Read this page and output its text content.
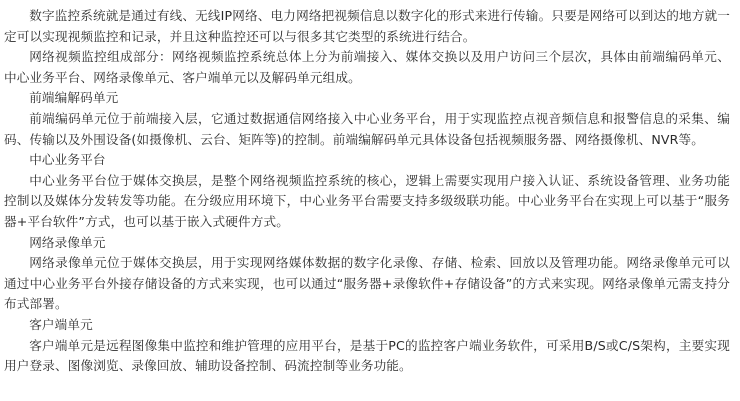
数字监控系统就是通过有线、无线IP网络、电力网络把视频信息以数字化的形式来进行传输。只要是网络可以到达的地方就一定可以实现视频监控和记录，并且这种监控还可以与很多其它类型的系统进行结合。

网络视频监控组成部分：网络视频监控系统总体上分为前端接入、媒体交换以及用户访问三个层次，具体由前端编码单元、中心业务平台、网络录像单元、客户端单元以及解码单元组成。

前端编解码单元

前端编码单元位于前端接入层，它通过数据通信网络接入中心业务平台，用于实现监控点视音频信息和报警信息的采集、编码、传输以及外围设备(如摄像机、云台、矩阵等)的控制。前端编解码单元具体设备包括视频服务器、网络摄像机、NVR等。

中心业务平台

中心业务平台位于媒体交换层，是整个网络视频监控系统的核心，逻辑上需要实现用户接入认证、系统设备管理、业务功能控制以及媒体分发转发等功能。在分级应用环境下，中心业务平台需要支持多级级联功能。中心业务平台在实现上可以基于“服务器+平台软件”方式，也可以基于嵌入式硬件方式。

网络录像单元

网络录像单元位于媒体交换层，用于实现网络媒体数据的数字化录像、存储、检索、回放以及管理功能。网络录像单元可以通过中心业务平台外接存储设备的方式来实现，也可以通过“服务器+录像软件+存储设备”的方式来实现。网络录像单元需支持分布式部署。

客户端单元

客户端单元是远程图像集中监控和维护管理的应用平台，是基于PC的监控客户端业务软件，可采用B/S或C/S架构，主要实现用户登录、图像浏览、录像回放、辅助设备控制、码流控制等业务功能。
